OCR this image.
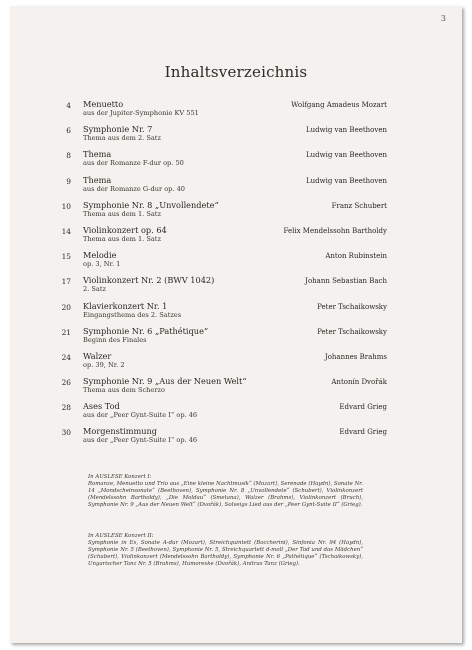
3
Inhaltsverzeichnis
4 Menuetto
aus der Jupiter-Symphonie KV 551
Wolfgang Amadeus Mozart
6 Symphonie Nr. 7
Thema aus dem 2. Satz
Ludwig van Beethoven
8 Thema
aus der Romanze F-dur op. 50
Ludwig van Beethoven
9 Thema
aus der Romanze G-dur op. 40
Ludwig van Beethoven
10 Symphonie Nr. 8 „Unvollendete“
Thema aus dem 1. Satz
Franz Schubert
14 Violinkonzert op. 64
Thema aus dem 1. Satz
Felix Mendelssohn Bartholdy
15 Melodie
op. 3, Nr. 1
Anton Rubinstein
17 Violinkonzert Nr. 2 (BWV 1042)
2. Satz
Johann Sebastian Bach
20 Klavierkonzert Nr. 1
Eingangsthema des 2. Satzes
Peter Tschaikowsky
21 Symphonie Nr. 6 „Pathétique“
Beginn des Finales
Peter Tschaikowsky
24 Walzer
op. 39, Nr. 2
Johannes Brahms
26 Symphonie Nr. 9 „Aus der Neuen Welt“
Thema aus dem Scherzo
Antonín Dvořák
28 Ases Tod
aus der „Peer Gynt-Suite I“ op. 46
Edvard Grieg
30 Morgenstimmung
aus der „Peer Gynt-Suite I“ op. 46
Edvard Grieg
In AUSLESE Konzert I:
Romanze, Menuetto und Trio aus „Eine kleine Nachtmusik“ (Mozart), Serenade (Haydn), Sonate Nr. 14 „Mondscheinsonate“ (Beethoven), Symphonie Nr. 8 „Unvollendete“ (Schubert), Violinkonzert (Mendelssohn Bartholdy), „Die Moldau“ (Smetana), Walzer (Brahms), Violinkonzert (Bruch), Symphonie Nr. 9 „Aus der Neuen Welt“ (Dvořák), Solveigs Lied aus der „Peer Gynt-Suite II“ (Grieg).
In AUSLESE Konzert II:
Symphonie in Es, Sonate A-dur (Mozart), Streichquintett (Boccherini), Sinfonia Nr. 94 (Haydn), Symphonie Nr. 5 (Beethoven), Symphonie Nr. 5, Streichquartett d-moll „Der Tod und das Mädchen“ (Schubert), Violinkonzert (Mendelssohn Bartholdy), Symphonie Nr. 6 „Pathétique“ (Tschaikowsky), Ungarischer Tanz Nr. 5 (Brahms), Humoreske (Dvořák), Anitras Tanz (Grieg).
